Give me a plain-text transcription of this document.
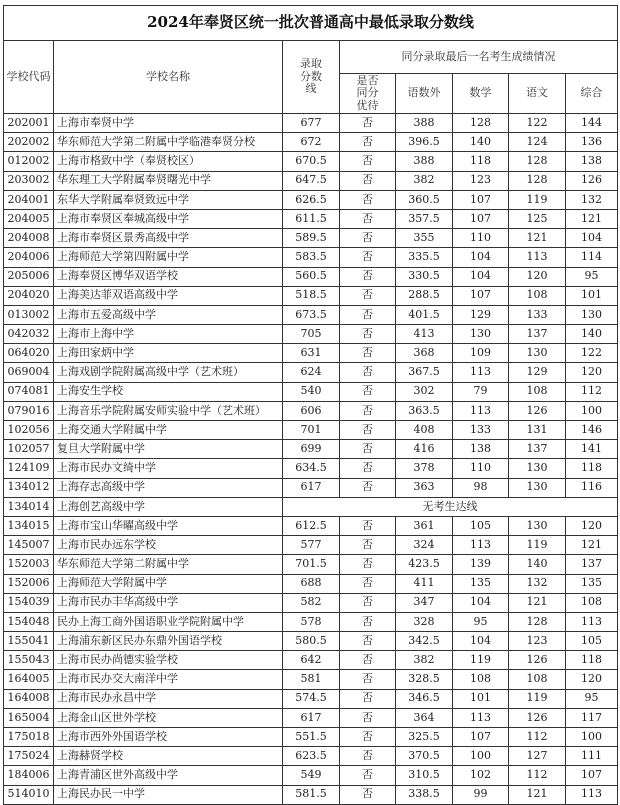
2024年奉贤区统一批次普通高中最低录取分数线							
学校代码	学校名称	录取分数线	同分录取最后一名考生成绩情况				
			是否同分优待	语数外	数学	语文	综合
202001	上海市奉贤中学	677	否	388	128	122	144
202002	华东师范大学第二附属中学临港奉贤分校	672	否	396.5	140	124	136
012002	上海市格致中学（奉贤校区）	670.5	否	388	118	128	138
203002	华东理工大学附属奉贤曙光中学	647.5	否	382	123	128	126
204001	东华大学附属奉贤致远中学	626.5	否	360.5	107	119	132
204005	上海市奉贤区奉城高级中学	611.5	否	357.5	107	125	121
204008	上海市奉贤区景秀高级中学	589.5	否	355	110	121	104
204006	上海师范大学第四附属中学	583.5	否	335.5	104	113	114
205006	上海奉贤区博华双语学校	560.5	否	330.5	104	120	95
204020	上海美达菲双语高级中学	518.5	否	288.5	107	108	101
013002	上海市五爱高级中学	673.5	否	401.5	129	133	130
042032	上海市上海中学	705	否	413	130	137	140
064020	上海田家炳中学	631	否	368	109	130	122
069004	上海戏剧学院附属高级中学（艺术班）	624	否	367.5	113	129	120
074081	上海安生学校	540	否	302	79	108	112
079016	上海音乐学院附属安师实验中学（艺术班）	606	否	363.5	113	126	100
102056	上海交通大学附属中学	701	否	408	133	131	146
102057	复旦大学附属中学	699	否	416	138	137	141
124109	上海市民办文绮中学	634.5	否	378	110	130	118
134012	上海存志高级中学	617	否	363	98	130	116
134014	上海创艺高级中学	无考生达线					
134015	上海市宝山华曜高级中学	612.5	否	361	105	130	120
145007	上海市民办远东学校	577	否	324	113	119	121
152003	华东师范大学第二附属中学	701.5	否	423.5	139	140	137
152006	上海师范大学附属中学	688	否	411	135	132	135
154039	上海市民办丰华高级中学	582	否	347	104	121	108
154048	民办上海工商外国语职业学院附属中学	578	否	328	95	128	113
155041	上海浦东新区民办东鼎外国语学校	580.5	否	342.5	104	123	105
155043	上海市民办尚德实验学校	642	否	382	119	126	118
164005	上海市民办交大南洋中学	581	否	328.5	108	108	120
164008	上海市民办永昌中学	574.5	否	346.5	101	119	95
165004	上海金山区世外学校	617	否	364	113	126	117
175018	上海市西外外国语学校	551.5	否	325.5	107	112	100
175024	上海赫贤学校	623.5	否	370.5	100	127	111
184006	上海青浦区世外高级中学	549	否	310.5	102	112	107
514010	上海民办民一中学	581.5	否	338.5	99	121	113
